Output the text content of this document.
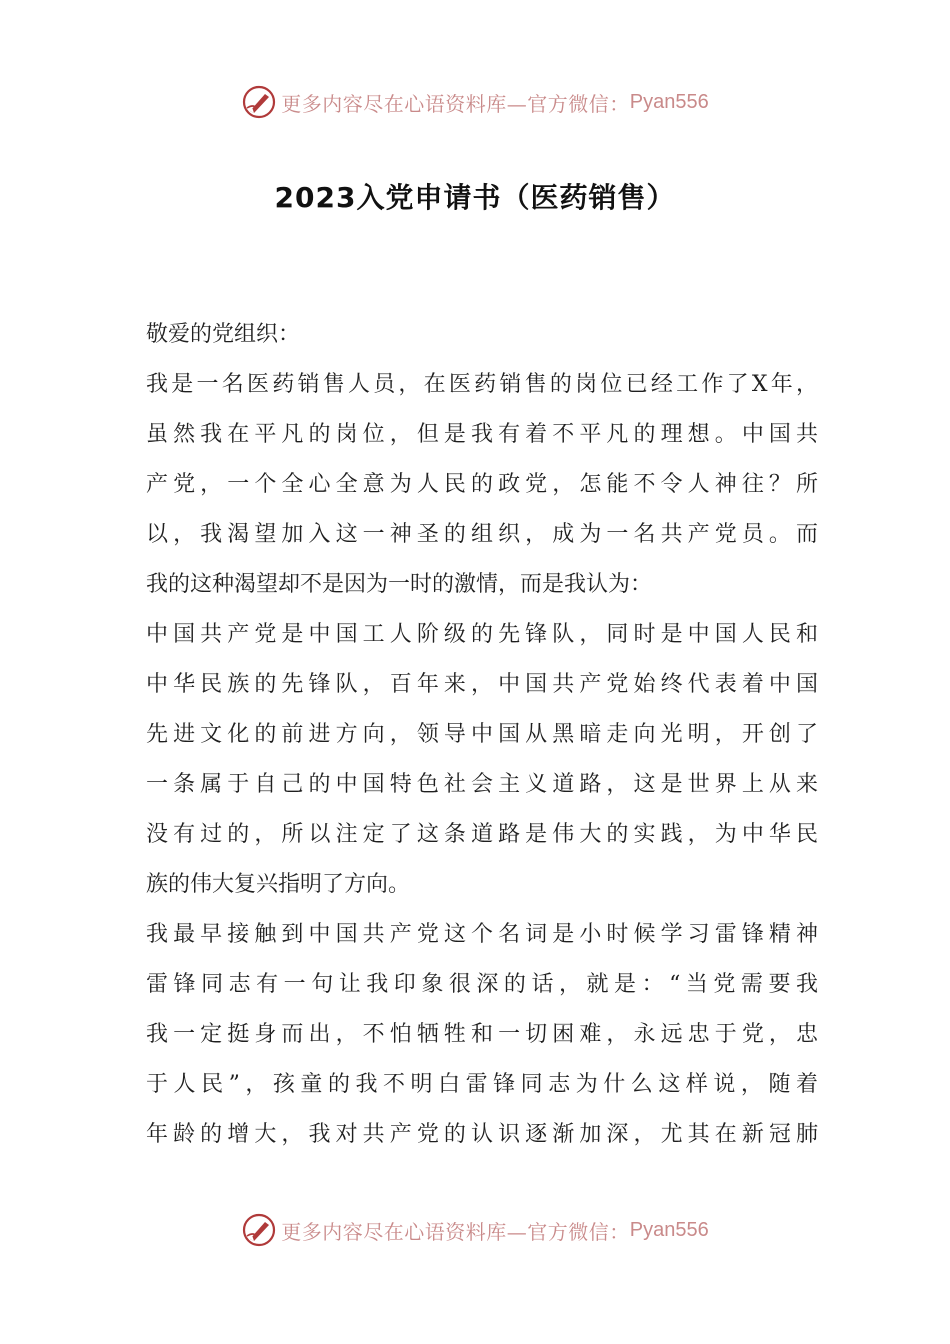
更多内容尽在心语资料库—官方微信： Pyan556
2023入党申请书（医药销售）
敬爱的党组织：
我是一名医药销售人员，在医药销售的岗位已经工作了X年，
虽然我在平凡的岗位，但是我有着不平凡的理想。中国共
产党，一个全心全意为人民的政党，怎能不令人神往？所
以，我渴望加入这一神圣的组织，成为一名共产党员。而
我的这种渴望却不是因为一时的激情，而是我认为：
中国共产党是中国工人阶级的先锋队，同时是中国人民和
中华民族的先锋队，百年来，中国共产党始终代表着中国
先进文化的前进方向，领导中国从黑暗走向光明，开创了
一条属于自己的中国特色社会主义道路，这是世界上从来
没有过的，所以注定了这条道路是伟大的实践，为中华民
族的伟大复兴指明了方向。
我最早接触到中国共产党这个名词是小时候学习雷锋精神
雷锋同志有一句让我印象很深的话，就是：“当党需要我
我一定挺身而出，不怕牺牲和一切困难，永远忠于党，忠
于人民”，孩童的我不明白雷锋同志为什么这样说，随着
年龄的增大，我对共产党的认识逐渐加深，尤其在新冠肺
更多内容尽在心语资料库—官方微信： Pyan556
